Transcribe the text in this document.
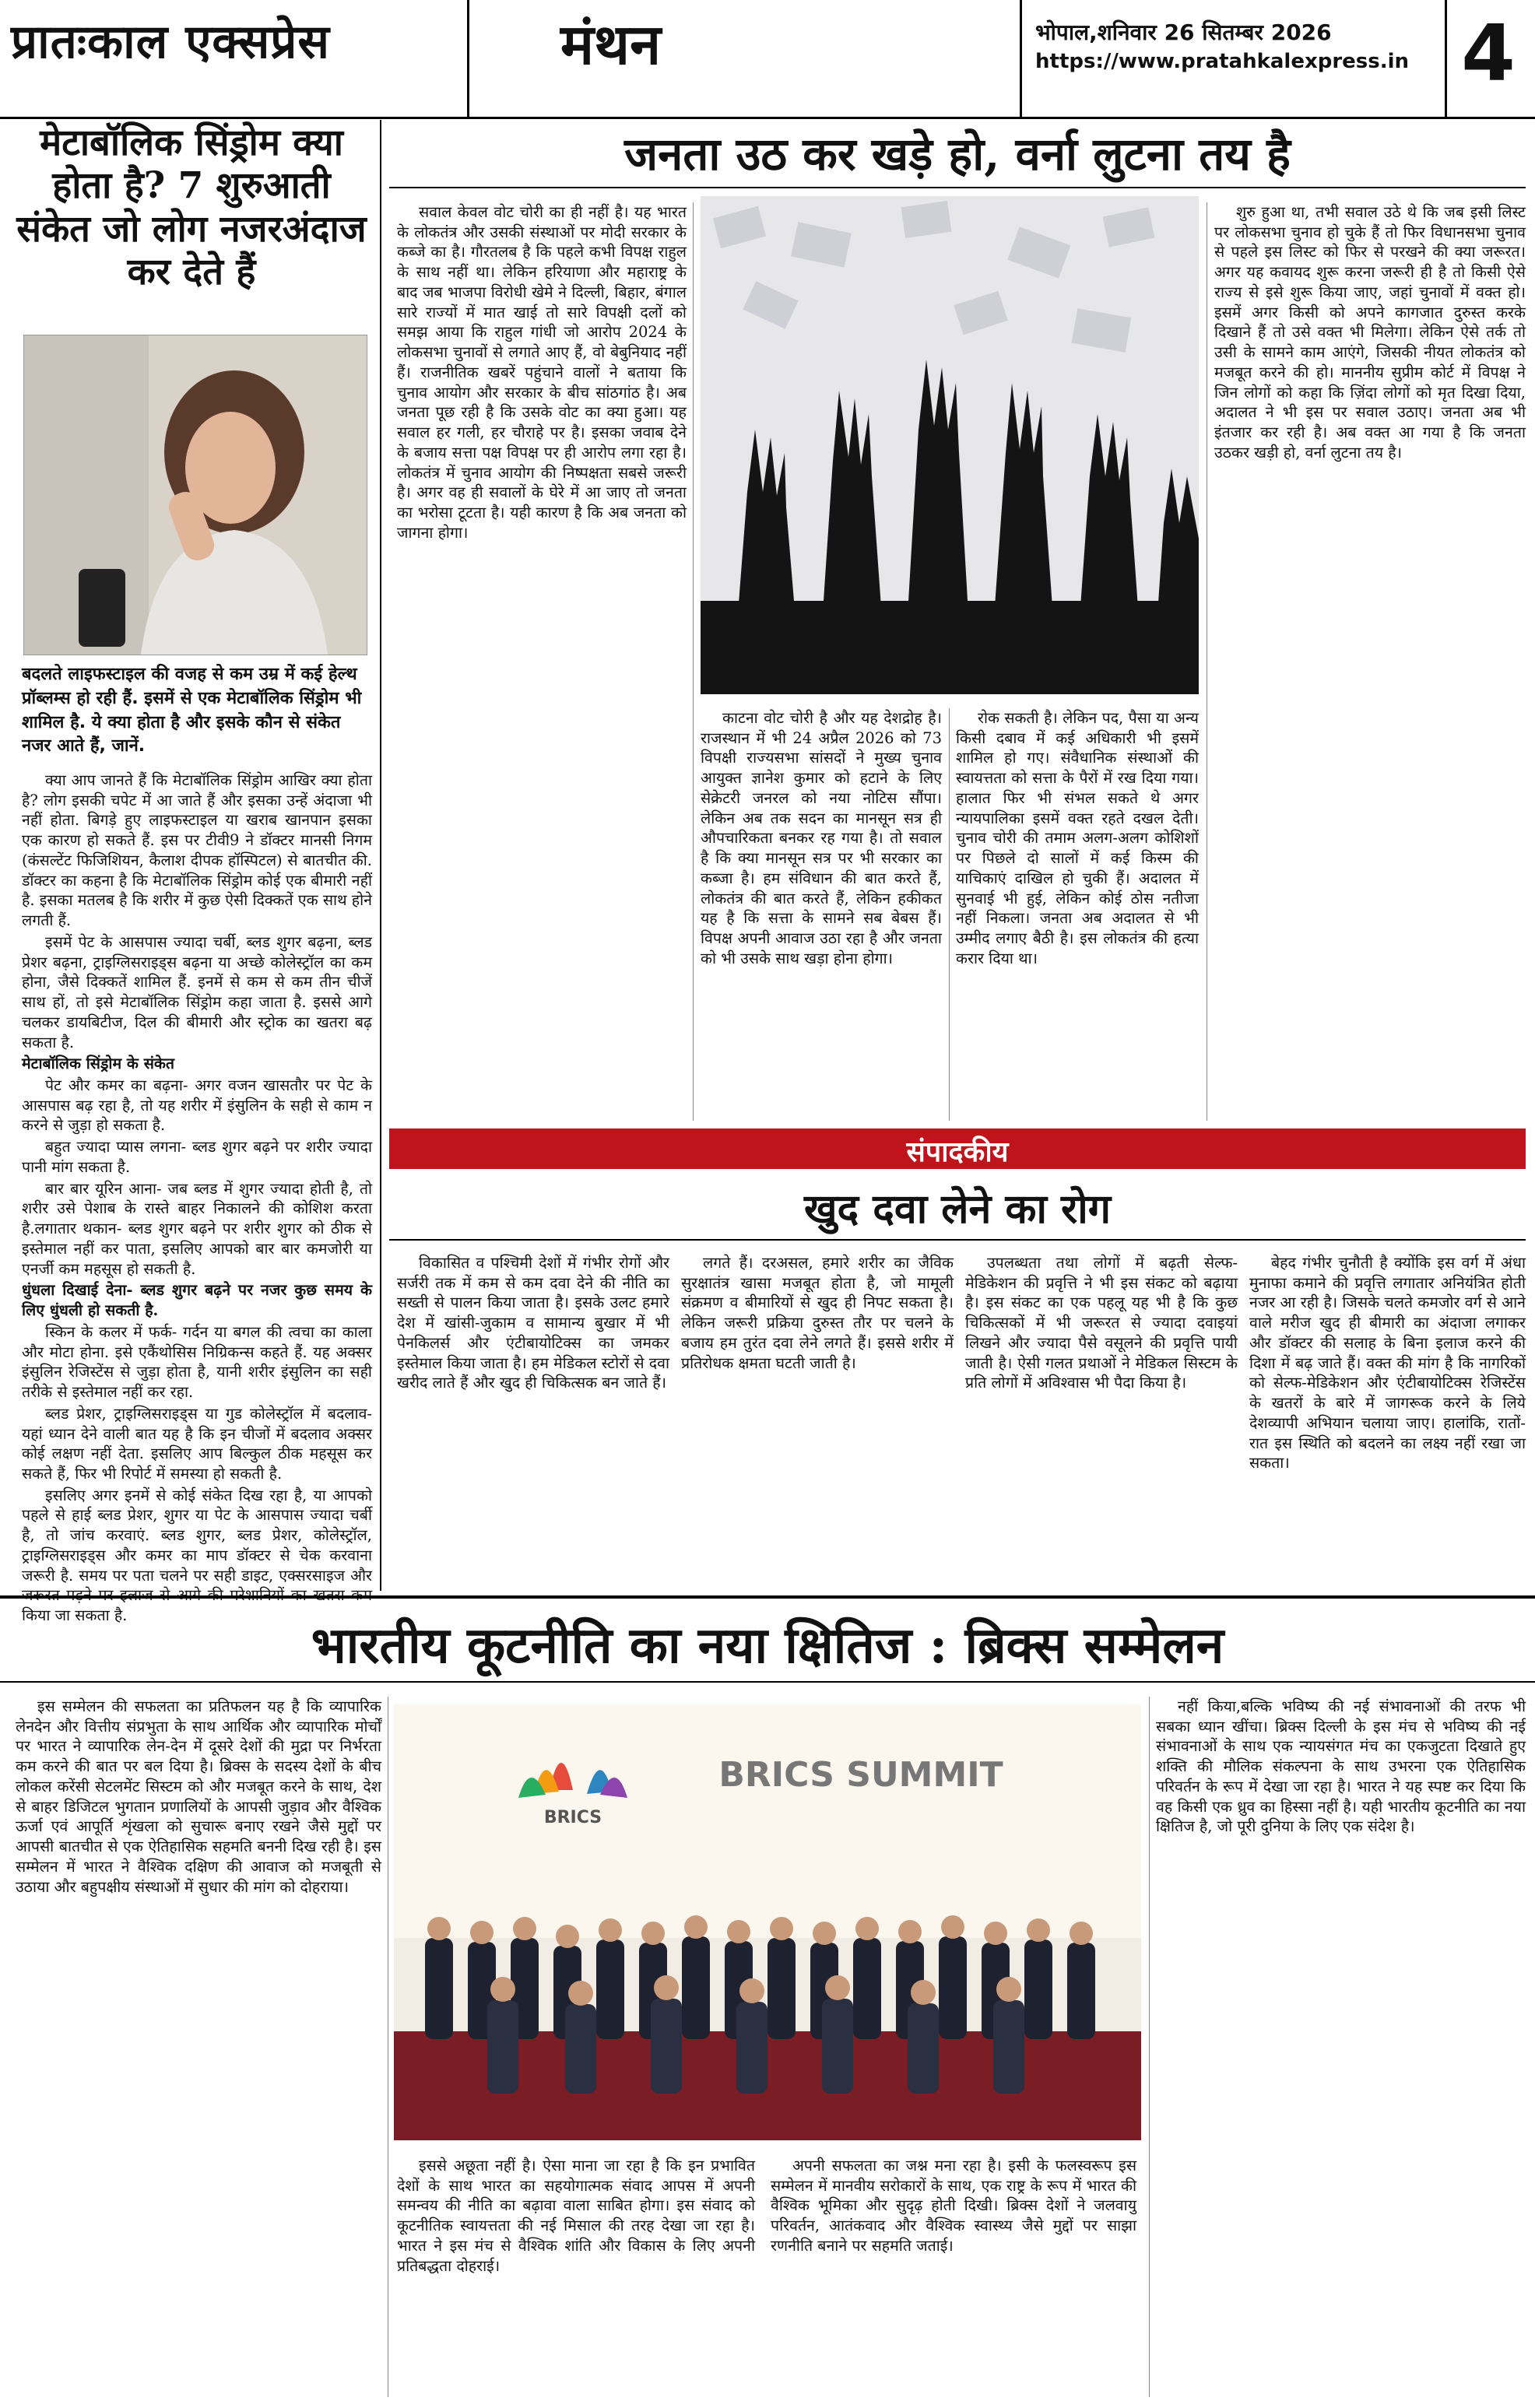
प्रातःकाल एक्सप्रेस	मंथन	भोपाल,शनिवार 26 सितम्बर 2026
https://www.pratahkalexpress.in 4
मेटाबॉलिक सिंड्रोम क्या होता है? 7 शुरुआती संकेत जो लोग नजरअंदाज कर देते हैं
बदलते लाइफस्टाइल की वजह से कम उम्र में कई हेल्थ प्रॉब्लम्स हो रही हैं. इसमें से एक मेटाबॉलिक सिंड्रोम भी शामिल है. ये क्या होता है और इसके कौन से संकेत नजर आते हैं, जानें.

क्या आप जानते हैं कि मेटाबॉलिक सिंड्रोम आखिर क्या होता है? लोग इसकी चपेट में आ जाते हैं और इसका उन्हें अंदाजा भी नहीं होता. बिगड़े हुए लाइफस्टाइल या खराब खानपान इसका एक कारण हो सकते हैं. इस पर टीवी9 ने डॉक्टर मानसी निगम (कंसल्टेंट फिजिशियन, कैलाश दीपक हॉस्पिटल) से बातचीत की. डॉक्टर का कहना है कि मेटाबॉलिक सिंड्रोम कोई एक बीमारी नहीं है. इसका मतलब है कि शरीर में कुछ ऐसी दिक्कतें एक साथ होने लगती हैं.

इसमें पेट के आसपास ज्यादा चर्बी, ब्लड शुगर बढ़ना, ब्लड प्रेशर बढ़ना, ट्राइग्लिसराइड्स बढ़ना या अच्छे कोलेस्ट्रॉल का कम होना, जैसे दिक्कतें शामिल हैं. इनमें से कम से कम तीन चीजें साथ हों, तो इसे मेटाबॉलिक सिंड्रोम कहा जाता है. इससे आगे चलकर डायबिटीज, दिल की बीमारी और स्ट्रोक का खतरा बढ़ सकता है.

मेटाबॉलिक सिंड्रोम के संकेत

पेट और कमर का बढ़ना- अगर वजन खासतौर पर पेट के आसपास बढ़ रहा है, तो यह शरीर में इंसुलिन के सही से काम न करने से जुड़ा हो सकता है.

बहुत ज्यादा प्यास लगना- ब्लड शुगर बढ़ने पर शरीर ज्यादा पानी मांग सकता है.

बार बार यूरिन आना- जब ब्लड में शुगर ज्यादा होती है, तो शरीर उसे पेशाब के रास्ते बाहर निकालने की कोशिश करता है.लगातार थकान- ब्लड शुगर बढ़ने पर शरीर शुगर को ठीक से इस्तेमाल नहीं कर पाता, इसलिए आपको बार बार कमजोरी या एनर्जी कम महसूस हो सकती है.

धुंधला दिखाई देना- ब्लड शुगर बढ़ने पर नजर कुछ समय के लिए धुंधली हो सकती है.

स्किन के कलर में फर्क- गर्दन या बगल की त्वचा का काला और मोटा होना. इसे एकैंथोसिस निग्रिकन्स कहते हैं. यह अक्सर इंसुलिन रेजिस्टेंस से जुड़ा होता है, यानी शरीर इंसुलिन का सही तरीके से इस्तेमाल नहीं कर रहा.

ब्लड प्रेशर, ट्राइग्लिसराइड्स या गुड कोलेस्ट्रॉल में बदलाव- यहां ध्यान देने वाली बात यह है कि इन चीजों में बदलाव अक्सर कोई लक्षण नहीं देता. इसलिए आप बिल्कुल ठीक महसूस कर सकते हैं, फिर भी रिपोर्ट में समस्या हो सकती है.

इसलिए अगर इनमें से कोई संकेत दिख रहा है, या आपको पहले से हाई ब्लड प्रेशर, शुगर या पेट के आसपास ज्यादा चर्बी है, तो जांच करवाएं. ब्लड शुगर, ब्लड प्रेशर, कोलेस्ट्रॉल, ट्राइग्लिसराइड्स और कमर का माप डॉक्टर से चेक करवाना जरूरी है. समय पर पता चलने पर सही डाइट, एक्सरसाइज और किया जा सकता है.

जनता उठ कर खड़े हो, वर्ना लुटना तय है

सवाल केवल वोट चोरी का ही नहीं है। यह भारत के लोकतंत्र और उसकी संस्थाओं पर मोदी सरकार के कब्जे का है। गौरतलब है कि पहले कभी विपक्ष राहुल के साथ नहीं था। लेकिन हरियाणा और महाराष्ट्र के बाद जब भाजपा विरोधी खेमे ने दिल्ली, बिहार, बंगाल सारे राज्यों में मात खाई तो सारे विपक्षी दलों को समझ आया कि राहुल गांधी जो आरोप 2024 के लोकसभा चुनावों से लगाते आए हैं, वो बेबुनियाद नहीं हैं। राजनीतिक खबरें पहुंचाने वालों ने बताया कि चुनाव आयोग और सरकार के बीच सांठगांठ है। अब जनता पूछ रही है कि उसके वोट का क्या हुआ। यह सवाल हर गली, हर चौराहे पर है। इसका जवाब देने के बजाय सत्ता पक्ष विपक्ष पर ही आरोप लगा रहा है। लोकतंत्र में चुनाव आयोग की निष्पक्षता सबसे जरूरी है। अगर वह ही सवालों के घेरे में आ जाए तो जनता का भरोसा टूटता है। यही कारण है कि अब जनता को जागना होगा।

शुरु हुआ था, तभी सवाल उठे थे कि जब इसी लिस्ट पर लोकसभा चुनाव हो चुके हैं तो फिर विधानसभा चुनाव से पहले इस लिस्ट को फिर से परखने की क्या जरूरत। अगर यह कवायद शुरू करना जरूरी ही है तो किसी ऐसे राज्य से इसे शुरू किया जाए, जहां चुनावों में वक्त हो। इसमें अगर किसी को अपने कागजात दुरुस्त करके दिखाने हैं तो उसे वक्त भी मिलेगा। लेकिन ऐसे तर्क तो उसी के सामने काम आएंगे, जिसकी नीयत लोकतंत्र को मजबूत करने की हो। माननीय सुप्रीम कोर्ट में विपक्ष ने जिन लोगों को कहा कि ज़िंदा लोगों को मृत दिखा दिया, अदालत ने भी इस पर सवाल उठाए। जनता अब भी इंतजार कर रही है। अब वक्त आ गया है कि जनता उठकर खड़ी हो, वर्ना लुटना तय है।

काटना वोट चोरी है और यह देशद्रोह है। राजस्थान में भी 24 अप्रैल 2026 को 73 विपक्षी राज्यसभा सांसदों ने मुख्य चुनाव आयुक्त ज्ञानेश कुमार को हटाने के लिए सेक्रेटरी जनरल को नया नोटिस सौंपा। लेकिन अब तक सदन का मानसून सत्र ही औपचारिकता बनकर रह गया है। तो सवाल है कि क्या मानसून सत्र पर भी सरकार का कब्जा है। हम संविधान की बात करते हैं, लोकतंत्र की बात करते हैं, लेकिन हकीकत यह है कि सत्ता के सामने सब बेबस हैं। विपक्ष अपनी आवाज उठा रहा है और जनता को भी उसके साथ खड़ा होना होगा।

रोक सकती है। लेकिन पद, पैसा या अन्य किसी दबाव में कई अधिकारी भी इसमें शामिल हो गए। संवैधानिक संस्थाओं की स्वायत्तता को सत्ता के पैरों में रख दिया गया। हालात फिर भी संभल सकते थे अगर न्यायपालिका इसमें वक्त रहते दखल देती। चुनाव चोरी की तमाम अलग-अलग कोशिशों पर पिछले दो सालों में कई किस्म की याचिकाएं दाखिल हो चुकी हैं। अदालत में सुनवाई भी हुई, लेकिन कोई ठोस नतीजा नहीं निकला। जनता अब अदालत से भी उम्मीद लगाए बैठी है। इस लोकतंत्र की हत्या करार दिया था।

संपादकीय
खुद दवा लेने का रोग

विकासित व पश्चिमी देशों में गंभीर रोगों और सर्जरी तक में कम से कम दवा देने की नीति का सख्ती से पालन किया जाता है। इसके उलट हमारे देश में खांसी-जुकाम व सामान्य बुखार में भी पेनकिलर्स और एंटीबायोटिक्स का जमकर इस्तेमाल किया जाता है। हम मेडिकल स्टोरों से दवा खरीद लाते हैं और खुद ही चिकित्सक बन जाते हैं।

लगते हैं। दरअसल, हमारे शरीर का जैविक सुरक्षातंत्र खासा मजबूत होता है, जो मामूली संक्रमण व बीमारियों से खुद ही निपट सकता है। लेकिन जरूरी प्रक्रिया दुरुस्त तौर पर चलने के बजाय हम तुरंत दवा लेने लगते हैं। इससे शरीर में प्रतिरोधक क्षमता घटती जाती है।

उपलब्धता तथा लोगों में बढ़ती सेल्फ-मेडिकेशन की प्रवृत्ति ने भी इस संकट को बढ़ाया है। इस संकट का एक पहलू यह भी है कि कुछ चिकित्सकों में भी जरूरत से ज्यादा दवाइयां लिखने और ज्यादा पैसे वसूलने की प्रवृत्ति पायी जाती है। ऐसी गलत प्रथाओं ने मेडिकल सिस्टम के प्रति लोगों में अविश्वास भी पैदा किया है।

बेहद गंभीर चुनौती है क्योंकि इस वर्ग में अंधा मुनाफा कमाने की प्रवृत्ति लगातार अनियंत्रित होती नजर आ रही है। जिसके चलते कमजोर वर्ग से आने वाले मरीज खुद ही बीमारी का अंदाजा लगाकर और डॉक्टर की सलाह के बिना इलाज करने की दिशा में बढ़ जाते हैं। वक्त की मांग है कि नागरिकों को सेल्फ-मेडिकेशन और एंटीबायोटिक्स रेजिस्टेंस के खतरों के बारे में जागरूक करने के लिये देशव्यापी अभियान चलाया जाए। हालांकि, रातों-रात इस स्थिति को बदलने का लक्ष्य नहीं रखा जा सकता।

भारतीय कूटनीति का नया क्षितिज : ब्रिक्स सम्मेलन

इस सम्मेलन की सफलता का प्रतिफलन यह है कि व्यापारिक लेनदेन और वित्तीय संप्रभुता के साथ आर्थिक और व्यापारिक मोर्चों पर भारत ने व्यापारिक लेन-देन में दूसरे देशों की मुद्रा पर निर्भरता कम करने की बात पर बल दिया है। ब्रिक्स के सदस्य देशों के बीच लोकल करेंसी सेटलमेंट सिस्टम को और मजबूत करने के साथ, देश से बाहर डिजिटल भुगतान प्रणालियों के आपसी जुड़ाव और वैश्विक ऊर्जा एवं आपूर्ति शृंखला को सुचारू बनाए रखने जैसे मुद्दों पर आपसी बातचीत से एक ऐतिहासिक सहमति बननी दिख रही है। इस सम्मेलन में भारत ने वैश्विक दक्षिण की आवाज को मजबूती से उठाया और बहुपक्षीय संस्थाओं में सुधार की मांग को दोहराया।

BRICS
BRICS SUMMIT

इससे अछूता नहीं है। ऐसा माना जा रहा है कि इन प्रभावित देशों के साथ भारत का सहयोगात्मक संवाद आपस में अपनी समन्वय की नीति का बढ़ावा वाला साबित होगा। इस संवाद को कूटनीतिक स्वायत्तता की नई मिसाल की तरह देखा जा रहा है। भारत ने इस मंच से वैश्विक शांति और विकास के लिए अपनी प्रतिबद्धता दोहराई।

अपनी सफलता का जश्न मना रहा है। इसी के फलस्वरूप इस सम्मेलन में मानवीय सरोकारों के साथ, एक राष्ट्र के रूप में भारत की वैश्विक भूमिका और सुदृढ़ होती दिखी। ब्रिक्स देशों ने जलवायु परिवर्तन, आतंकवाद और वैश्विक स्वास्थ्य जैसे मुद्दों पर साझा रणनीति बनाने पर सहमति जताई।

नहीं किया,बल्कि भविष्य की नई संभावनाओं की तरफ भी सबका ध्यान खींचा। ब्रिक्स दिल्ली के इस मंच से भविष्य की नई संभावनाओं के साथ एक न्यायसंगत मंच का एकजुटता दिखाते हुए शक्ति की मौलिक संकल्पना के साथ उभरना एक ऐतिहासिक परिवर्तन के रूप में देखा जा रहा है। भारत ने यह स्पष्ट कर दिया कि वह किसी एक ध्रुव का हिस्सा नहीं है। यही भारतीय कूटनीति का नया क्षितिज है, जो पूरी दुनिया के लिए एक संदेश है।
